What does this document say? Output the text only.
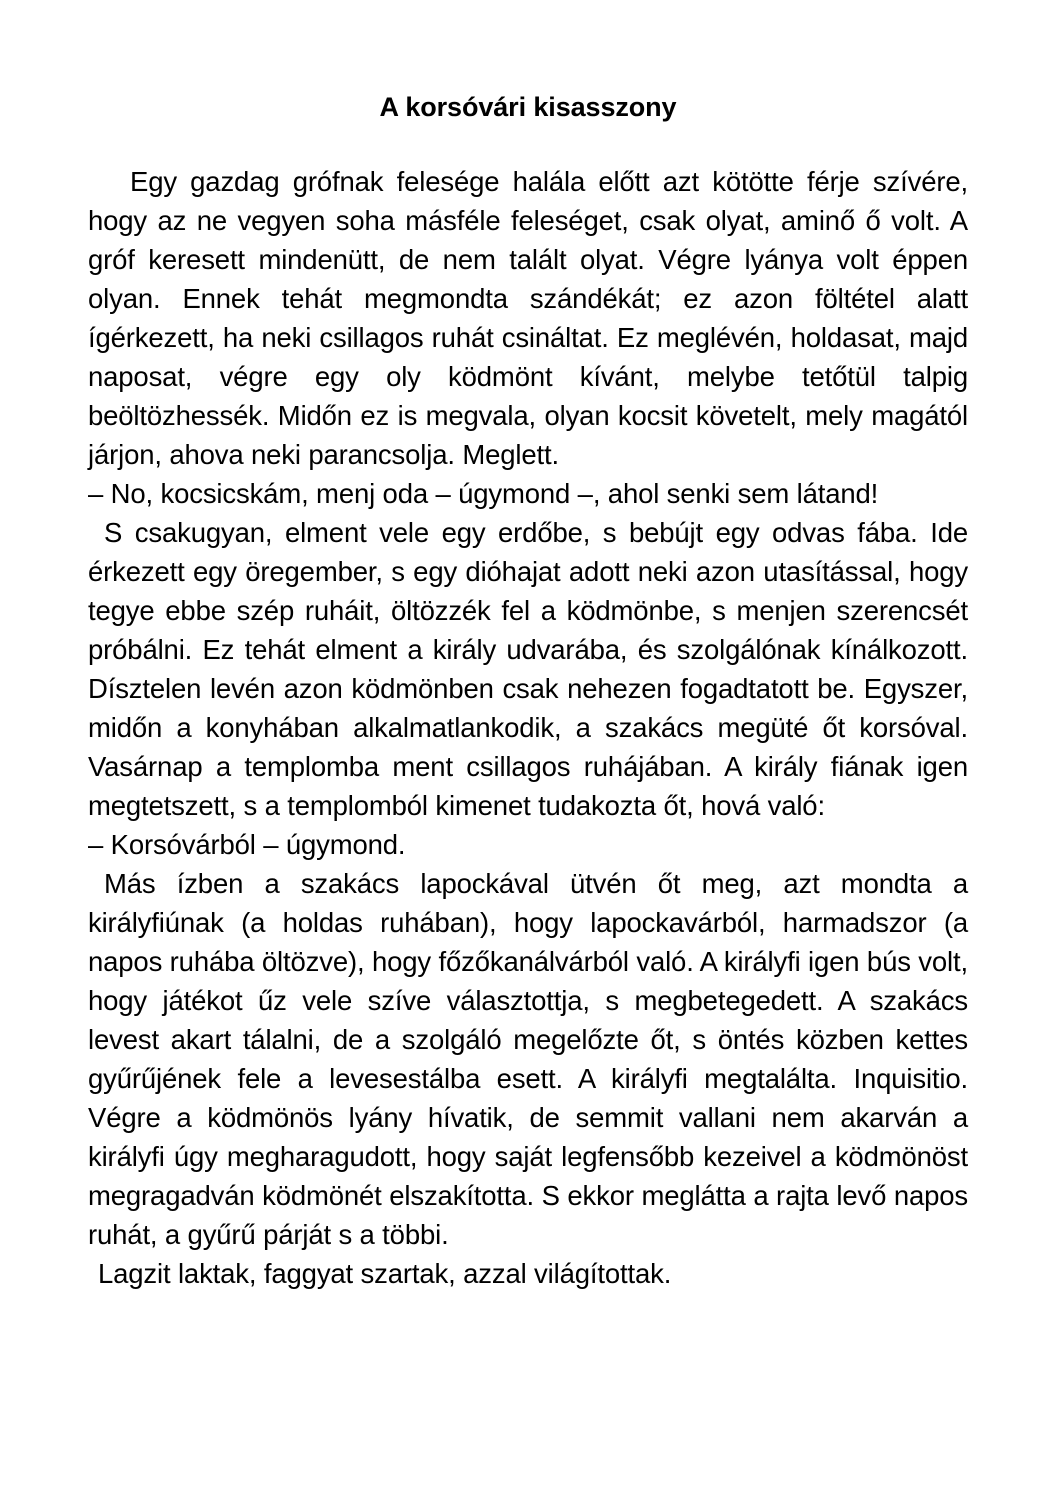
A korsóvári kisasszony

Egy gazdag grófnak felesége halála előtt azt kötötte férje szívére, hogy az ne vegyen soha másféle feleséget, csak olyat, aminő ő volt. A gróf keresett mindenütt, de nem talált olyat. Végre lyánya volt éppen olyan. Ennek tehát megmondta szándékát; ez azon föltétel alatt ígérkezett, ha neki csillagos ruhát csináltat. Ez meglévén, holdasat, majd naposat, végre egy oly ködmönt kívánt, melybe tetőtül talpig beöltözhessék. Midőn ez is megvala, olyan kocsit követelt, mely magától járjon, ahova neki parancsolja. Meglett.

– No, kocsicskám, menj oda – úgymond –, ahol senki sem látand!

S csakugyan, elment vele egy erdőbe, s bebújt egy odvas fába. Ide érkezett egy öregember, s egy dióhajat adott neki azon utasítással, hogy tegye ebbe szép ruháit, öltözzék fel a ködmönbe, s menjen szerencsét próbálni. Ez tehát elment a király udvarába, és szolgálónak kínálkozott. Dísztelen levén azon ködmönben csak nehezen fogadtatott be. Egyszer, midőn a konyhában alkalmatlankodik, a szakács megüté őt korsóval. Vasárnap a templomba ment csillagos ruhájában. A király fiának igen megtetszett, s a templomból kimenet tudakozta őt, hová való:

– Korsóvárból – úgymond.

Más ízben a szakács lapockával ütvén őt meg, azt mondta a királyfiúnak (a holdas ruhában), hogy lapockavárból, harmadszor (a napos ruhába öltözve), hogy főzőkanálvárból való. A királyfi igen bús volt, hogy játékot űz vele szíve választottja, s megbetegedett. A szakács levest akart tálalni, de a szolgáló megelőzte őt, s öntés közben kettes gyűrűjének fele a levesestálba esett. A királyfi megtalálta. Inquisitio. Végre a ködmönös lyány hívatik, de semmit vallani nem akarván a királyfi úgy megharagudott, hogy saját legfensőbb kezeivel a ködmönöst megragadván ködmönét elszakította. S ekkor meglátta a rajta levő napos ruhát, a gyűrű párját s a többi.

Lagzit laktak, faggyat szartak, azzal világítottak.
